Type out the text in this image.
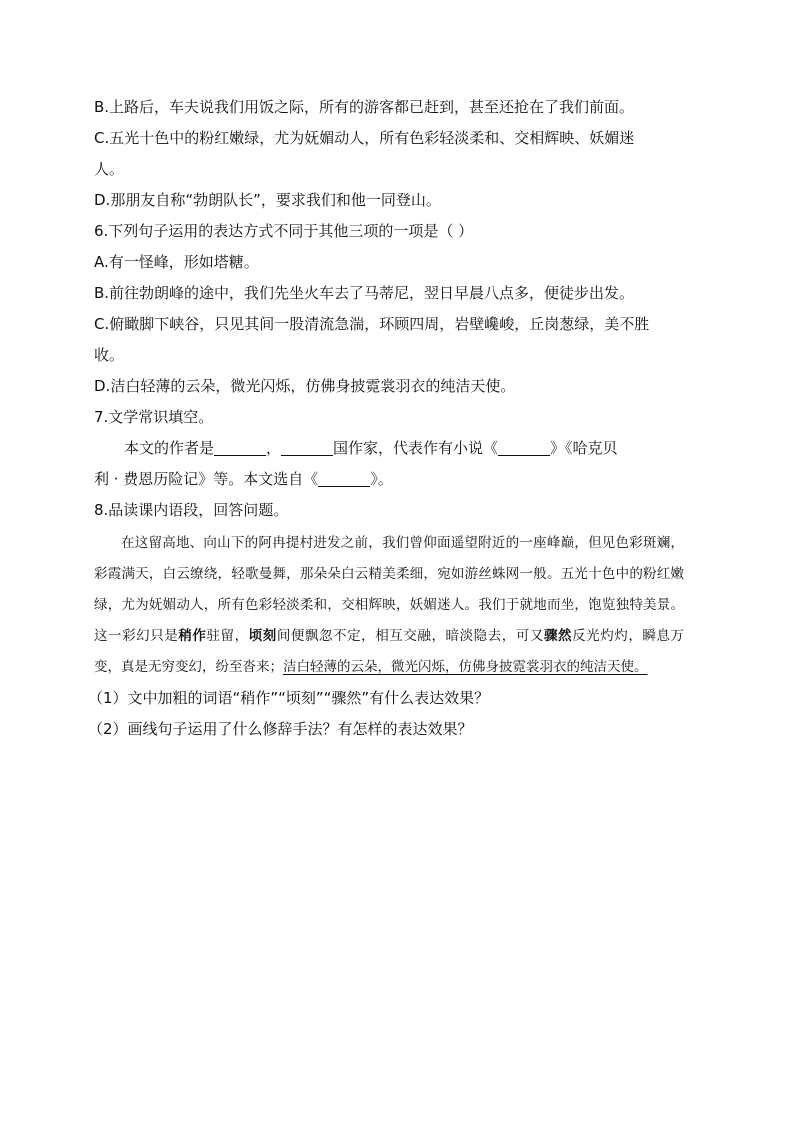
B.上路后，车夫说我们用饭之际，所有的游客都已赶到，甚至还抢在了我们前面。
C.五光十色中的粉红嫩绿，尤为妩媚动人，所有色彩轻淡柔和、交相辉映、妖媚迷
人。
D.那朋友自称“勃朗队长”，要求我们和他一同登山。
6.下列句子运用的表达方式不同于其他三项的一项是（ ）
A.有一怪峰，形如塔糖。
B.前往勃朗峰的途中，我们先坐火车去了马蒂尼，翌日早晨八点多，便徒步出发。
C.俯瞰脚下峡谷，只见其间一股清流急湍，环顾四周，岩壁巉峻，丘岗葱绿，美不胜
收。
D.洁白轻薄的云朵，微光闪烁，仿佛身披霓裳羽衣的纯洁天使。
7.文学常识填空。
本文的作者是	，	国作家，代表作有小说《	》《哈克贝
利 · 费恩历险记》等。本文选自《	》。
8.品读课内语段，回答问题。
在这留高地、向山下的阿冉提村进发之前，我们曾仰面遥望附近的一座峰巅，但见色彩斑斓，彩霞满天，白云缭绕，轻歌曼舞，那朵朵白云精美柔细，宛如游丝蛛网一般。五光十色中的粉红嫩绿，尤为妩媚动人，所有色彩轻淡柔和，交相辉映，妖媚迷人。我们于就地而坐，饱览独特美景。这一彩幻只是稍作驻留，顷刻间便飘忽不定，相互交融，暗淡隐去，可又骤然反光灼灼，瞬息万变，真是无穷变幻，纷至沓来；洁白轻薄的云朵，微光闪烁，仿佛身披霓裳羽衣的纯洁天使。
（1）文中加粗的词语“稍作”“顷刻”“骤然”有什么表达效果？
（2）画线句子运用了什么修辞手法？有怎样的表达效果？
